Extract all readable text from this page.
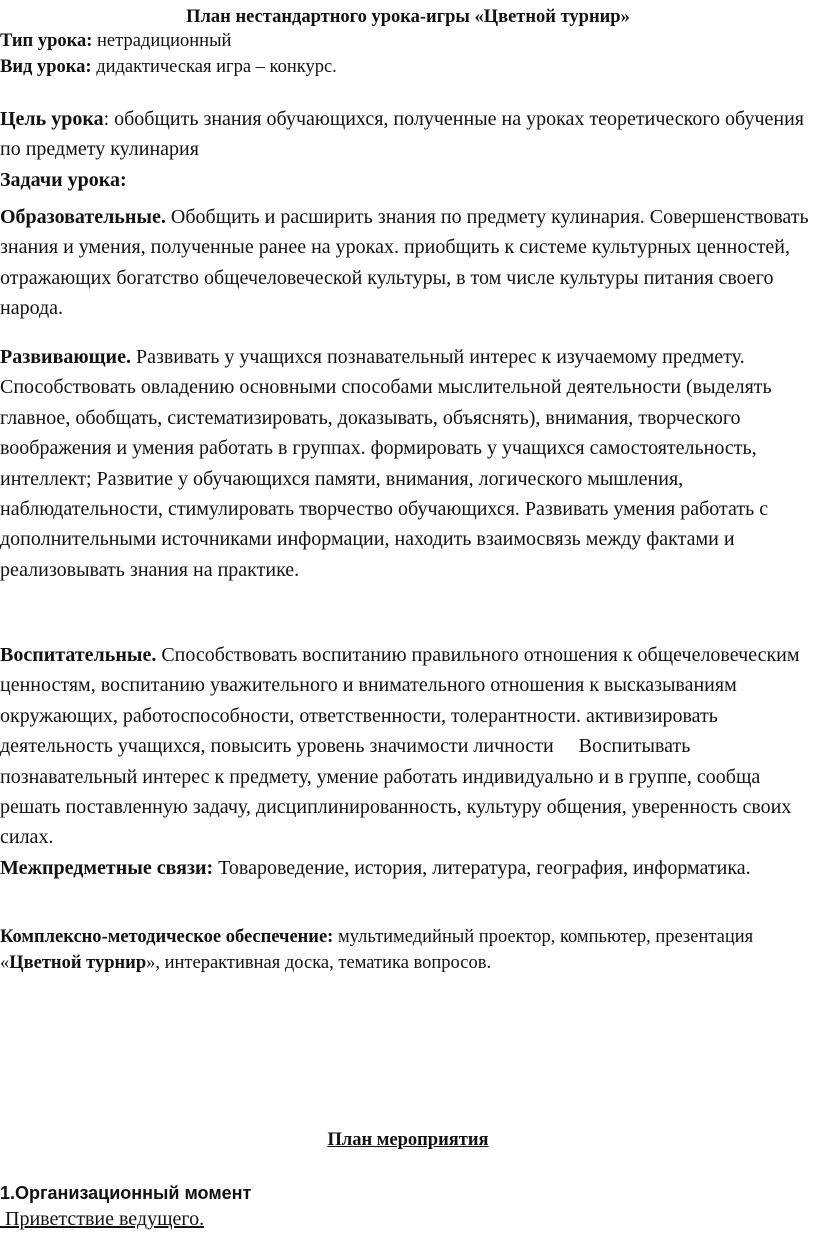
План нестандартного урока-игры «Цветной турнир»
Тип урока: нетрадиционный
Вид урока: дидактическая игра – конкурс.
Цель урока: обобщить знания обучающихся, полученные на уроках теоретического обучения по предмету кулинария
Задачи урока:

Образовательные. Обобщить и расширить знания по предмету кулинария. Совершенствовать знания и умения, полученные ранее на уроках. приобщить к системе культурных ценностей, отражающих богатство общечеловеческой культуры, в том числе культуры питания своего народа.

Развивающие. Развивать у учащихся познавательный интерес к изучаемому предмету. Способствовать овладению основными способами мыслительной деятельности (выделять главное, обобщать, систематизировать, доказывать, объяснять), внимания, творческого воображения и умения работать в группах. формировать у учащихся самостоятельность, интеллект; Развитие у обучающихся памяти, внимания, логического мышления, наблюдательности, стимулировать творчество обучающихся. Развивать умения работать с дополнительными источниками информации, находить взаимосвязь между фактами и реализовывать знания на практике.

Воспитательные. Способствовать воспитанию правильного отношения к общечеловеческим ценностям, воспитанию уважительного и внимательного отношения к высказываниям окружающих, работоспособности, ответственности, толерантности. активизировать деятельность учащихся, повысить уровень значимости личности     Воспитывать познавательный интерес к предмету, умение работать индивидуально и в группе, сообща решать поставленную задачу, дисциплинированность, культуру общения, уверенность своих силах.
Межпредметные связи: Товароведение, история, литература, география, информатика.

Комплексно-методическое обеспечение: мультимедийный проектор, компьютер, презентация «Цветной турнир», интерактивная доска, тематика вопросов.

План мероприятия
1.Организационный момент
Приветствие ведущего.
